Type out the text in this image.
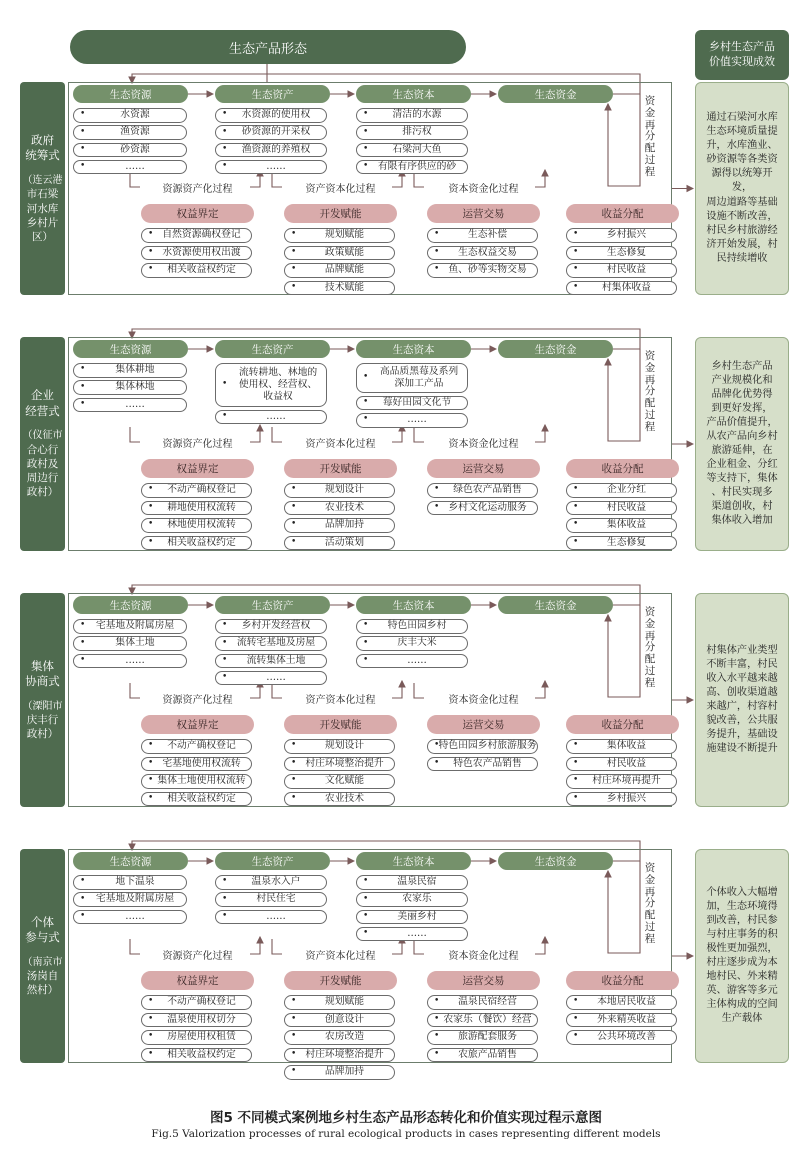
生态产品形态	乡村生态产品
价值实现成效
政府
统筹式
（连云港
市石梁
河水库
乡村片
区）
通过石梁河水库
生态环境质量提
升，水库渔业、
砂资源等各类资
源得以统筹开发，
周边道路等基础
设施不断改善，
村民乡村旅游经
济开始发展，村
民持续增收
生态资源	生态资产	生态资本	生态资金
• 水资源
• 渔资源
• 砂资源
• ……
• 水资源的使用权
• 砂资源的开采权
• 渔资源的养殖权
• ……
• 清洁的水源
• 排污权
• 石梁河大鱼
• 有限有序供应的砂
资源资产化过程	资产资本化过程	资本资金化过程
权益界定
• 自然资源确权登记
• 水资源使用权出渡
• 相关收益权约定
开发赋能
• 规划赋能
• 政策赋能
• 品牌赋能
• 技术赋能
运营交易
• 生态补偿
• 生态权益交易
• 鱼、砂等实物交易
收益分配
• 乡村振兴
• 生态修复
• 村民收益
• 村集体收益
资
金
再
分
配
过
程
企业
经营式
（仪征市
合心行
政村及
周边行
政村）
乡村生态产品
产业规模化和
品牌化优势得
到更好发挥，
产品价值提升，
从农产品向乡村
旅游延伸，在
企业租金、分红
等支持下，集体
、村民实现多
渠道创收，村
集体收入增加
生态资源	生态资产	生态资本	生态资金
• 集体耕地
• 集体林地
• ……
• 流转耕地、林地的使用权、经营权、收益权
• ……
• 高品质黑莓及系列深加工产品
• 莓好田园文化节
• ……
资源资产化过程	资产资本化过程	资本资金化过程
权益界定
• 不动产确权登记
• 耕地使用权流转
• 林地使用权流转
• 相关收益权约定
开发赋能
• 规划设计
• 农业技术
• 品牌加持
• 活动策划
运营交易
• 绿色农产品销售
• 乡村文化运动服务
收益分配
• 企业分红
• 村民收益
• 集体收益
• 生态修复
资
金
再
分
配
过
程
集体
协商式
（溧阳市
庆丰行
政村）
村集体产业类型
不断丰富，村民
收入水平越来越
高、创收渠道越
来越广，村容村
貌改善，公共服
务提升，基础设
施建设不断提升
生态资源	生态资产	生态资本	生态资金
• 宅基地及附属房屋
• 集体土地
• ……
• 乡村开发经营权
• 流转宅基地及房屋
• 流转集体土地
• ……
• 特色田园乡村
• 庆丰大米
• ……
资源资产化过程	资产资本化过程	资本资金化过程
权益界定
• 不动产确权登记
• 宅基地使用权流转
• 集体土地使用权流转
• 相关收益权约定
开发赋能
• 规划设计
• 村庄环境整治提升
• 文化赋能
• 农业技术
运营交易
• 特色田园乡村旅游服务
• 特色农产品销售
收益分配
• 集体收益
• 村民收益
• 村庄环境再提升
• 乡村振兴
资
金
再
分
配
过
程
个体
参与式
（南京市
汤岗自
然村）
个体收入大幅增
加，生态环境得
到改善，村民参
与村庄事务的积
极性更加强烈，
村庄逐步成为本
地村民、外来精
英、游客等多元
主体构成的空间
生产载体
生态资源	生态资产	生态资本	生态资金
• 地下温泉
• 宅基地及附属房屋
• ……
• 温泉水入户
• 村民住宅
• ……
• 温泉民宿
• 农家乐
• 美丽乡村
• ……
资源资产化过程	资产资本化过程	资本资金化过程
权益界定
• 不动产确权登记
• 温泉使用权切分
• 房屋使用权租赁
• 相关收益权约定
开发赋能
• 规划赋能
• 创意设计
• 农房改造
• 村庄环境整治提升
• 品牌加持
运营交易
• 温泉民宿经营
• 农家乐（餐饮）经营
• 旅游配套服务
• 农旅产品销售
收益分配
• 本地居民收益
• 外来精英收益
• 公共环境改善
资
金
再
分
配
过
程
图5 不同模式案例地乡村生态产品形态转化和价值实现过程示意图
Fig.5 Valorization processes of rural ecological products in cases representing different models
